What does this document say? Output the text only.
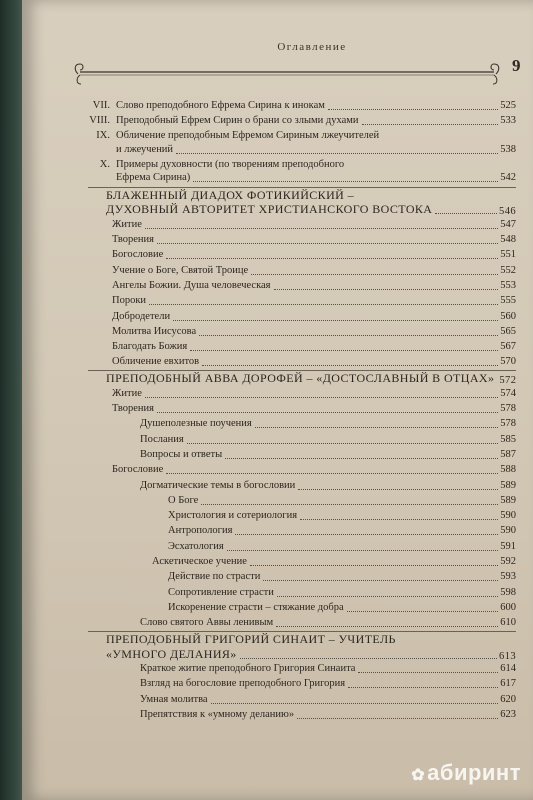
Оглавление
9
VII. Слово преподобного Ефрема Сирина к инокам	525
VIII. Преподобный Ефрем Сирин о брани со злыми духами	533
IX. Обличение преподобным Ефремом Сириным лжеучителей
и лжеучений	538
X. Примеры духовности (по творениям преподобного
Ефрема Сирина)	542
БЛАЖЕННЫЙ ДИАДОХ ФОТИКИЙСКИЙ –
ДУХОВНЫЙ АВТОРИТЕТ ХРИСТИАНСКОГО ВОСТОКА	546
Житие	547
Творения	548
Богословие	551
Учение о Боге, Святой Троице	552
Ангелы Божии. Душа человеческая	553
Пороки	555
Добродетели	560
Молитва Иисусова	565
Благодать Божия	567
Обличение евхитов	570
ПРЕПОДОБНЫЙ АВВА ДОРОФЕЙ – «ДОСТОСЛАВНЫЙ В ОТЦАХ» 572
Житие	574
Творения	578
Душеполезные поучения	578
Послания	585
Вопросы и ответы	587
Богословие	588
Догматические темы в богословии	589
О Боге	589
Христология и сотериология	590
Антропология	590
Эсхатология	591
Аскетическое учение	592
Действие по страсти	593
Сопротивление страсти	598
Искоренение страсти – стяжание добра	600
Слово святого Аввы ленивым	610
ПРЕПОДОБНЫЙ ГРИГОРИЙ СИНАИТ – УЧИТЕЛЬ
«УМНОГО ДЕЛАНИЯ»	613
Краткое житие преподобного Григория Синаита	614
Взгляд на богословие преподобного Григория	617
Умная молитва	620
Препятствия к «умному деланию»	623
✿абиринт
